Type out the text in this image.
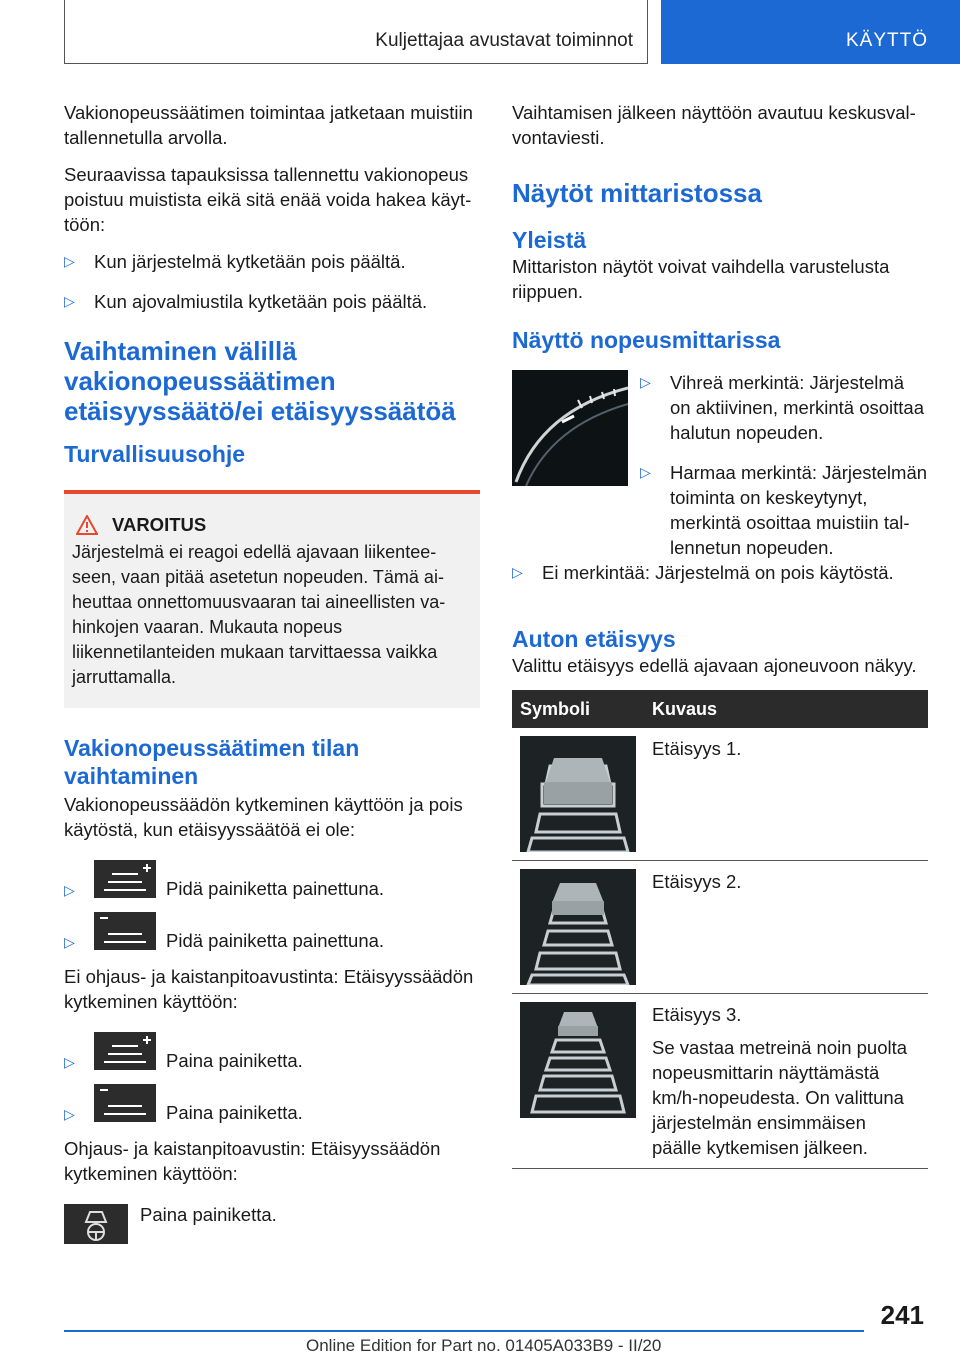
Kuljettajaa avustavat toiminnot	KÄYTTÖ

Vakionopeussäätimen toimintaa jatketaan muistiin tallennetulla arvolla.

Seuraavissa tapauksissa tallennettu vakionopeus poistuu muistista eikä sitä enää voida hakea käyttöön:

▷ Kun järjestelmä kytketään pois päältä.
▷ Kun ajovalmiustila kytketään pois päältä.
Vaihtaminen välillä vakionopeussäätimen etäisyyssäätö/ei etäisyyssäätöä
Turvallisuusohje
VAROITUS

Järjestelmä ei reagoi edellä ajavaan liikenteeseen, vaan pitää asetetun nopeuden. Tämä aiheuttaa onnettomuusvaaran tai aineellisten vahinkojen vaaran. Mukauta nopeus liikennetilanteiden mukaan tarvittaessa vaikka jarruttamalla.

Vakionopeussäätimen tilan vaihtaminen

Vakionopeussäädön kytkeminen käyttöön ja pois käytöstä, kun etäisyyssäätöä ei ole:

▷	Pidä painiketta painettuna.
▷	Pidä painiketta painettuna.

Ei ohjaus- ja kaistanpitoavustinta: Etäisyyssäädön kytkeminen käyttöön:

▷	Paina painiketta.
▷	Paina painiketta.

Ohjaus- ja kaistanpitoavustin: Etäisyyssäädön kytkeminen käyttöön:

Paina painiketta.

Vaihtamisen jälkeen näyttöön avautuu keskusvalvontaviesti.

Näytöt mittaristossa
Yleistä

Mittariston näytöt voivat vaihdella varustelusta riippuen.

Näyttö nopeusmittarissa
▷ Vihreä merkintä: Järjestelmä on aktiivinen, merkintä osoittaa halutun nopeuden.
▷ Harmaa merkintä: Järjestelmän toiminta on keskeytynyt, merkintä osoittaa muistiin tallennetun nopeuden.
▷ Ei merkintää: Järjestelmä on pois käytöstä.
Auton etäisyys

Valittu etäisyys edellä ajavaan ajoneuvoon näkyy.

Symboli	Kuvaus

	Etäisyys 1.

	Etäisyys 2.

Etäisyys 3.

Se vastaa metreinä noin puolta nopeusmittarin näyttämästä km/h-nopeudesta. On valittuna järjestelmän ensimmäisen päälle kytkemisen jälkeen.

241
Online Edition for Part no. 01405A033B9 - II/20
